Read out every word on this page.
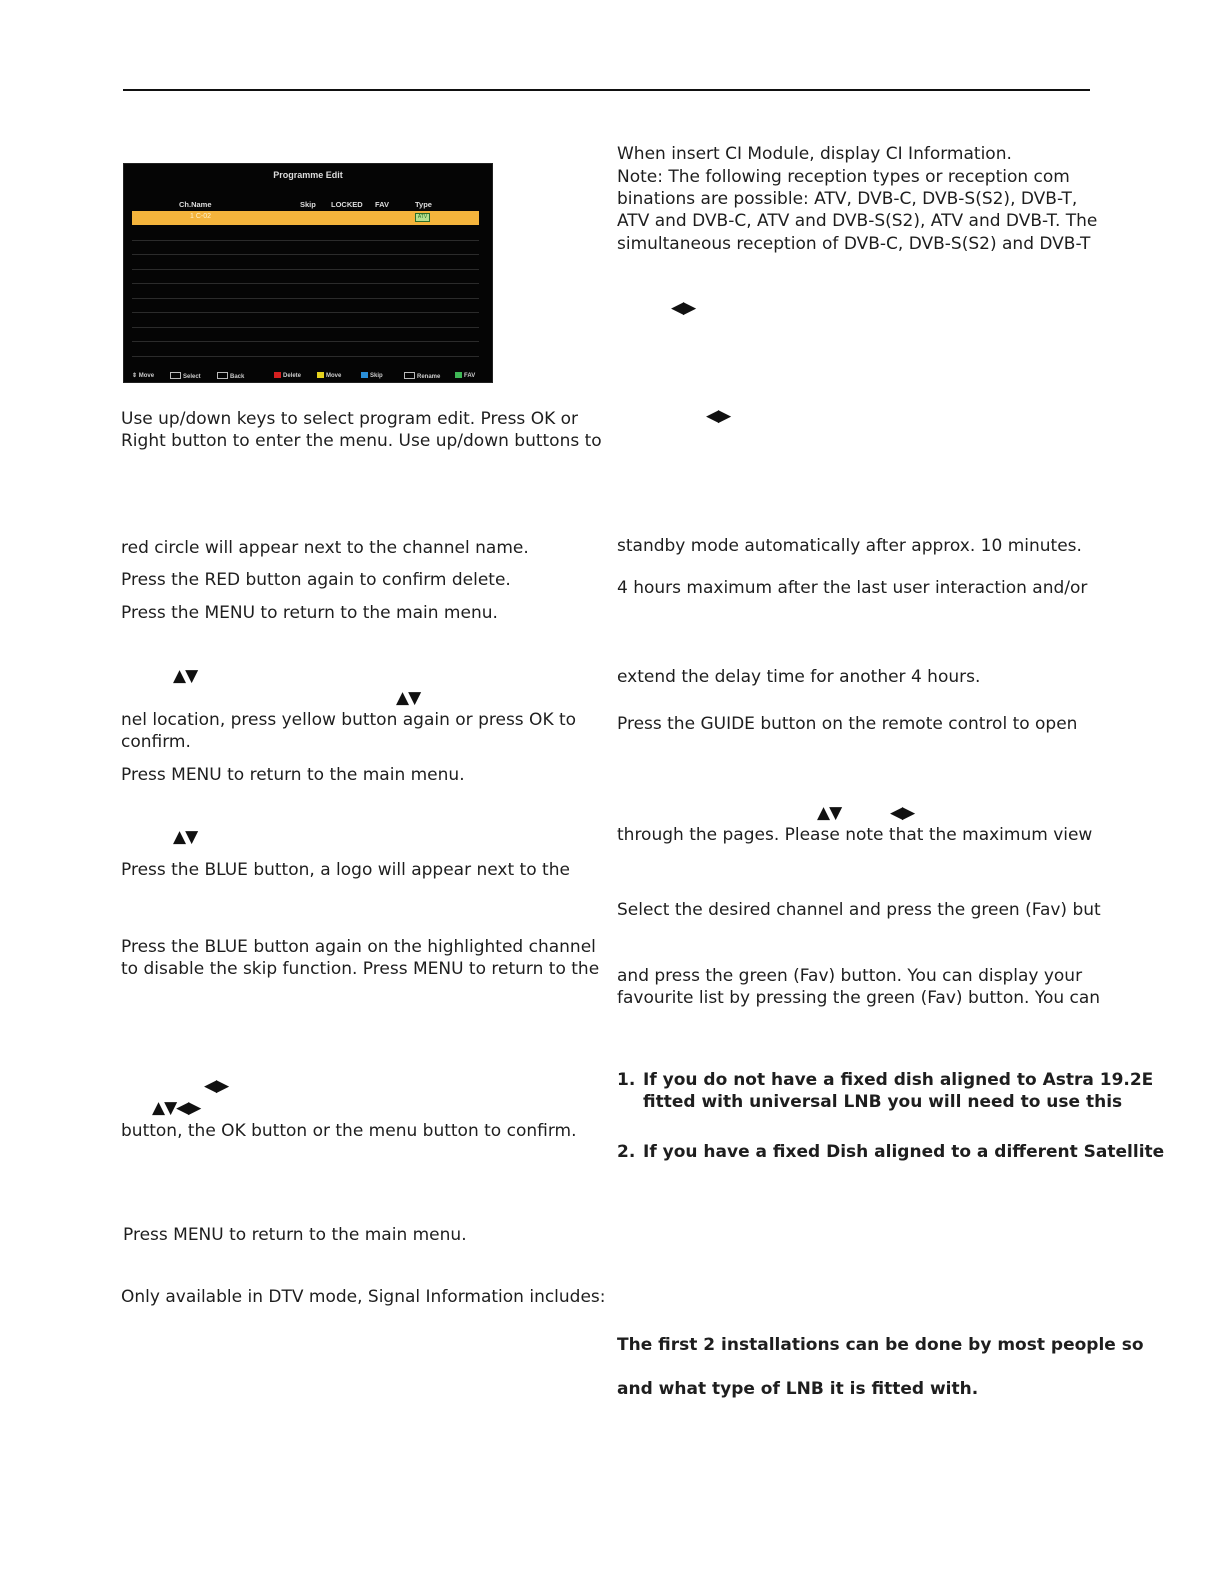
Programme Edit
Ch.Name	Skip LOCKED FAV	Type
1 C-02	ATV
⇕ Move	Select	Back	Delete	Move	Skip	Rename	FAV
Use up/down keys to select program edit. Press OK or
Right button to enter the menu. Use up/down buttons to
red circle will appear next to the channel name.
Press the RED button again to confirm delete.
Press the MENU to return to the main menu.
▲▼
▲▼
nel location, press yellow button again or press OK to
confirm.
Press MENU to return to the main menu.
▲▼
Press the BLUE button, a logo will appear next to the
Press the BLUE button again on the highlighted channel
to disable the skip function. Press MENU to return to the
◀▶
▲▼◀▶
button, the OK button or the menu button to confirm.
Press MENU to return to the main menu.
Only available in DTV mode, Signal Information includes:
When insert CI Module, display CI Information.
Note: The following reception types or reception com
binations are possible: ATV, DVB-C, DVB-S(S2), DVB-T,
ATV and DVB-C, ATV and DVB-S(S2), ATV and DVB-T. The
simultaneous reception of DVB-C, DVB-S(S2) and DVB-T
◀▶
◀▶
standby mode automatically after approx. 10 minutes.
4 hours maximum after the last user interaction and/or
extend the delay time for another 4 hours.
Press the GUIDE button on the remote control to open
▲▼	◀▶
through the pages. Please note that the maximum view
Select the desired channel and press the green (Fav) but
and press the green (Fav) button. You can display your
favourite list by pressing the green (Fav) button. You can
1. If you do not have a fixed dish aligned to Astra 19.2E
fitted with universal LNB you will need to use this
2. If you have a fixed Dish aligned to a different Satellite
The first 2 installations can be done by most people so
and what type of LNB it is fitted with.
